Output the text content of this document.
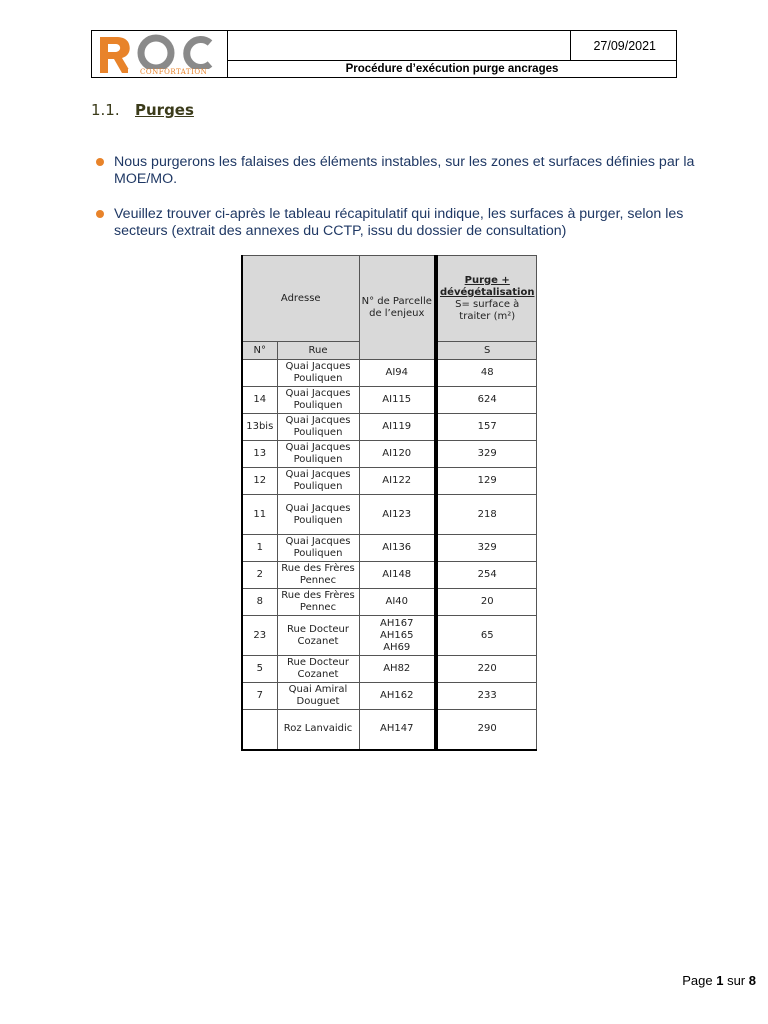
CONFORTATION
27/09/2021
Procédure d’exécution purge ancrages
1.1. Purges
Nous purgerons les falaises des éléments instables, sur les zones et surfaces définies par la MOE/MO.
Veuillez trouver ci-après le tableau récapitulatif qui indique, les surfaces à purger, selon les secteurs (extrait des annexes du CCTP, issu du dossier de consultation)
Adresse		N° de Parcelle de l’enjeux	Purge + dévégétalisation
S= surface à traiter (m²)

N°	Rue		S
	Quai Jacques Pouliquen	AI94	48
14	Quai Jacques Pouliquen	AI115	624
13bis	Quai Jacques Pouliquen	AI119	157
13	Quai Jacques Pouliquen	AI120	329
12	Quai Jacques Pouliquen	AI122	129
11	Quai Jacques Pouliquen	AI123	218
1	Quai Jacques Pouliquen	AI136	329
2	Rue des Frères Pennec	AI148	254
8	Rue des Frères Pennec	AI40	20
23	Rue Docteur Cozanet	AH167 AH165 AH69	65
5	Rue Docteur Cozanet	AH82	220
7	Quai Amiral Douguet	AH162	233
	Roz Lanvaidic	AH147	290
Page 1 sur 8
